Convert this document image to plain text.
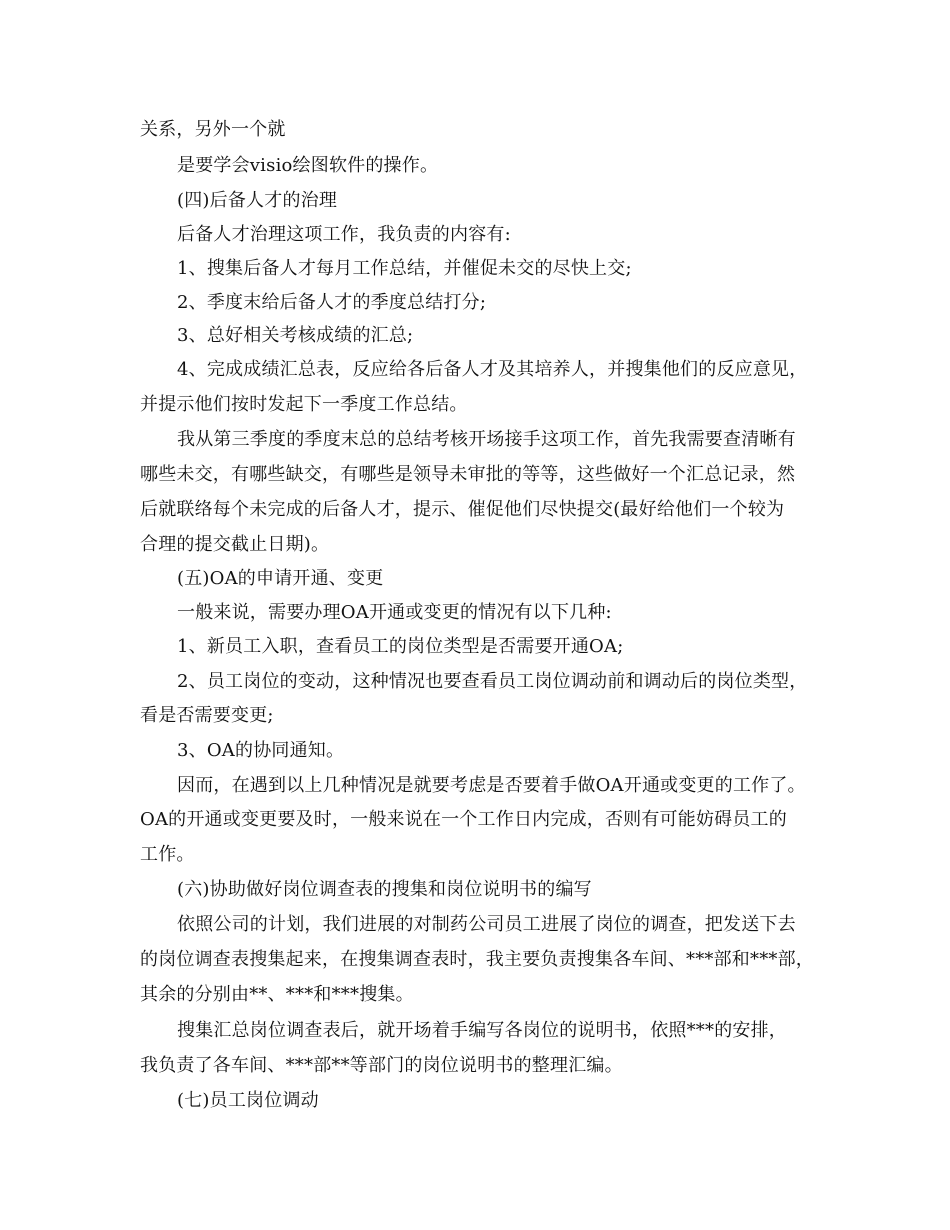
关系，另外一个就
是要学会visio绘图软件的操作。
(四)后备人才的治理
后备人才治理这项工作，我负责的内容有:
1、搜集后备人才每月工作总结，并催促未交的尽快上交;
2、季度末给后备人才的季度总结打分;
3、总好相关考核成绩的汇总;
4、完成成绩汇总表，反应给各后备人才及其培养人，并搜集他们的反应意见，
并提示他们按时发起下一季度工作总结。
我从第三季度的季度末总的总结考核开场接手这项工作，首先我需要查清晰有
哪些未交，有哪些缺交，有哪些是领导未审批的等等，这些做好一个汇总记录，然
后就联络每个未完成的后备人才，提示、催促他们尽快提交(最好给他们一个较为
合理的提交截止日期)。
(五)OA的申请开通、变更
一般来说，需要办理OA开通或变更的情况有以下几种:
1、新员工入职，查看员工的岗位类型是否需要开通OA;
2、员工岗位的变动，这种情况也要查看员工岗位调动前和调动后的岗位类型，
看是否需要变更;
3、OA的协同通知。
因而，在遇到以上几种情况是就要考虑是否要着手做OA开通或变更的工作了。
OA的开通或变更要及时，一般来说在一个工作日内完成，否则有可能妨碍员工的
工作。
(六)协助做好岗位调查表的搜集和岗位说明书的编写
依照公司的计划，我们进展的对制药公司员工进展了岗位的调查，把发送下去
的岗位调查表搜集起来，在搜集调查表时，我主要负责搜集各车间、***部和***部，
其余的分别由**、***和***搜集。
搜集汇总岗位调查表后，就开场着手编写各岗位的说明书，依照***的安排，
我负责了各车间、***部**等部门的岗位说明书的整理汇编。
(七)员工岗位调动
